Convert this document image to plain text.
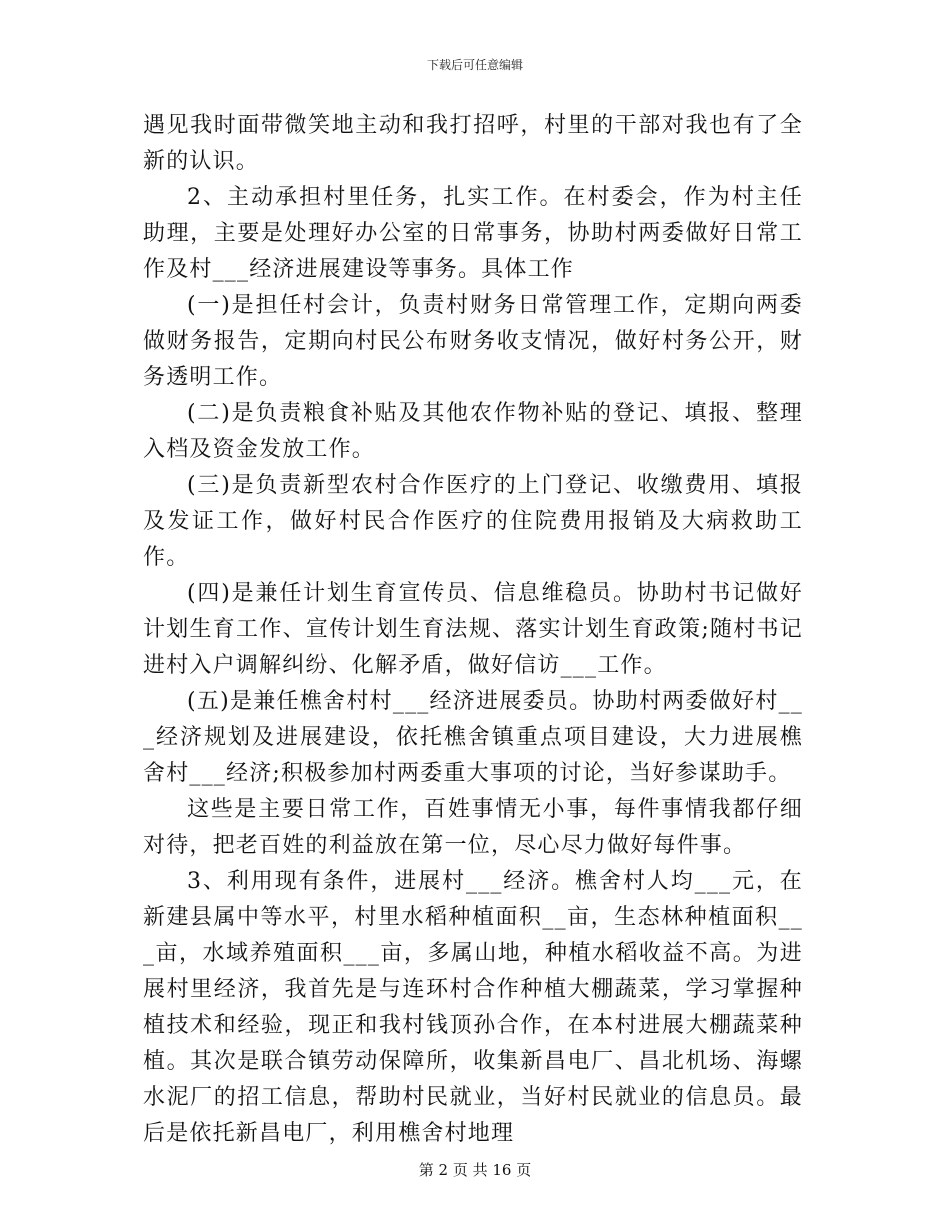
下载后可任意编辑

遇见我时面带微笑地主动和我打招呼，村里的干部对我也有了全新的认识。

2、主动承担村里任务，扎实工作。在村委会，作为村主任助理，主要是处理好办公室的日常事务，协助村两委做好日常工作及村___经济进展建设等事务。具体工作

(一)是担任村会计，负责村财务日常管理工作，定期向两委做财务报告，定期向村民公布财务收支情况，做好村务公开，财务透明工作。

(二)是负责粮食补贴及其他农作物补贴的登记、填报、整理入档及资金发放工作。

(三)是负责新型农村合作医疗的上门登记、收缴费用、填报及发证工作，做好村民合作医疗的住院费用报销及大病救助工作。

(四)是兼任计划生育宣传员、信息维稳员。协助村书记做好计划生育工作、宣传计划生育法规、落实计划生育政策;随村书记进村入户调解纠纷、化解矛盾，做好信访___工作。

(五)是兼任樵舍村村___经济进展委员。协助村两委做好村___经济规划及进展建设，依托樵舍镇重点项目建设，大力进展樵舍村___经济;积极参加村两委重大事项的讨论，当好参谋助手。

这些是主要日常工作，百姓事情无小事，每件事情我都仔细对待，把老百姓的利益放在第一位，尽心尽力做好每件事。

3、利用现有条件，进展村___经济。樵舍村人均___元，在新建县属中等水平，村里水稻种植面积__亩，生态林种植面积___亩，水域养殖面积___亩，多属山地，种植水稻收益不高。为进展村里经济，我首先是与连环村合作种植大棚蔬菜，学习掌握种植技术和经验，现正和我村钱顶孙合作，在本村进展大棚蔬菜种植。其次是联合镇劳动保障所，收集新昌电厂、昌北机场、海螺水泥厂的招工信息，帮助村民就业，当好村民就业的信息员。最后是依托新昌电厂，利用樵舍村地理

第 2 页 共 16 页
